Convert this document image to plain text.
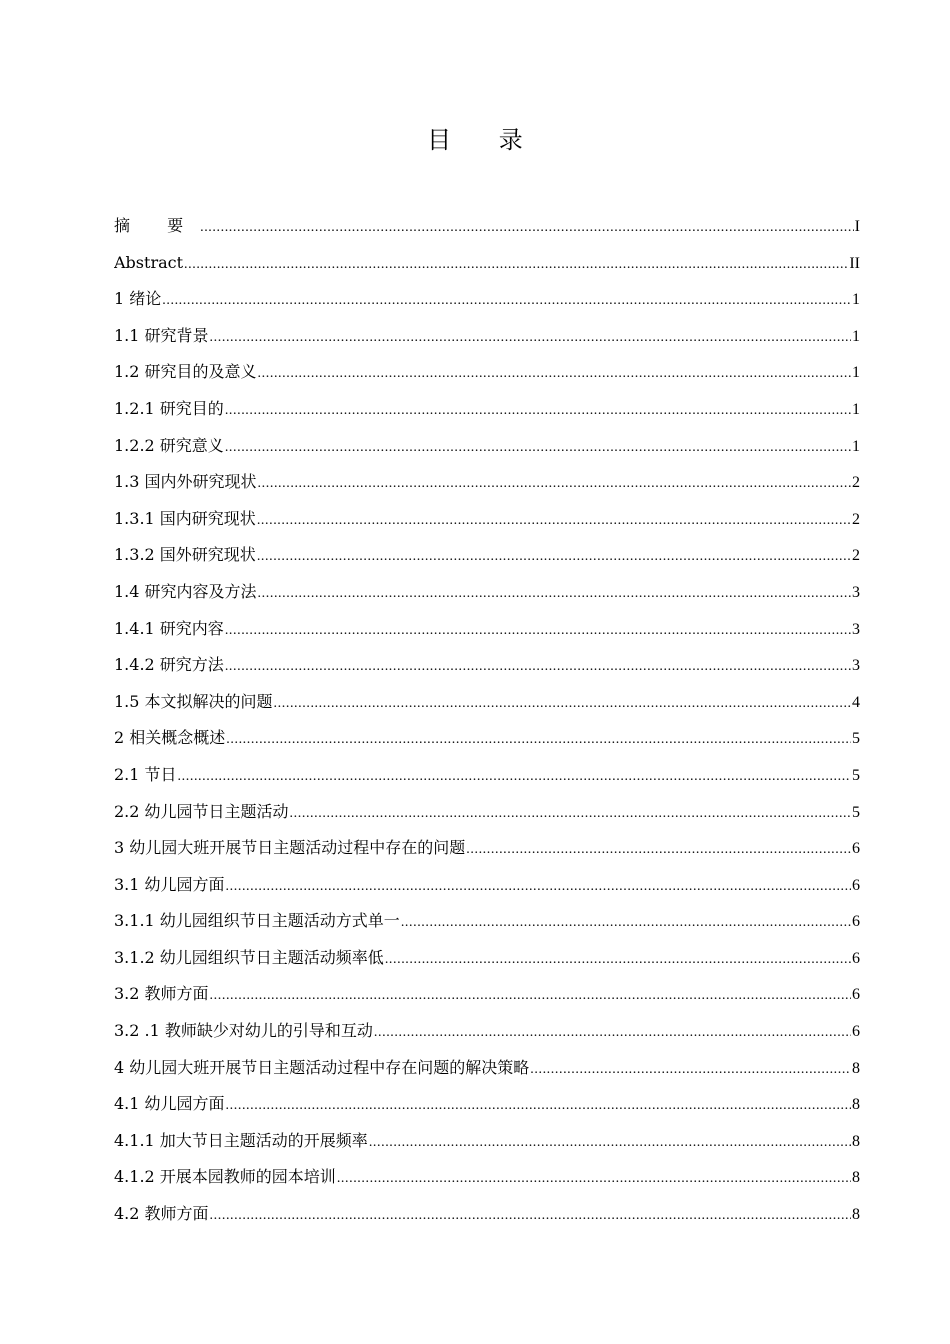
目 录
摘 要 .....	I
Abstract .....	II
1 绪论 .....	1
1.1 研究背景 .....	1
1.2 研究目的及意义 .....	1
1.2.1 研究目的 .....	1
1.2.2 研究意义 .....	1
1.3 国内外研究现状 .....	2
1.3.1 国内研究现状 .....	2
1.3.2 国外研究现状 .....	2
1.4 研究内容及方法 .....	3
1.4.1 研究内容 .....	3
1.4.2 研究方法 .....	3
1.5 本文拟解决的问题 .....	4
2 相关概念概述 .....	5
2.1 节日 .....	5
2.2 幼儿园节日主题活动 .....	5
3 幼儿园大班开展节日主题活动过程中存在的问题 .....	6
3.1 幼儿园方面 .....	6
3.1.1 幼儿园组织节日主题活动方式单一 .....	6
3.1.2 幼儿园组织节日主题活动频率低 .....	6
3.2 教师方面 .....	6
3.2 .1 教师缺少对幼儿的引导和互动 .....	6
4 幼儿园大班开展节日主题活动过程中存在问题的解决策略 .....	8
4.1 幼儿园方面 .....	8
4.1.1 加大节日主题活动的开展频率 .....	8
4.1.2 开展本园教师的园本培训 .....	8
4.2 教师方面 .....	8
